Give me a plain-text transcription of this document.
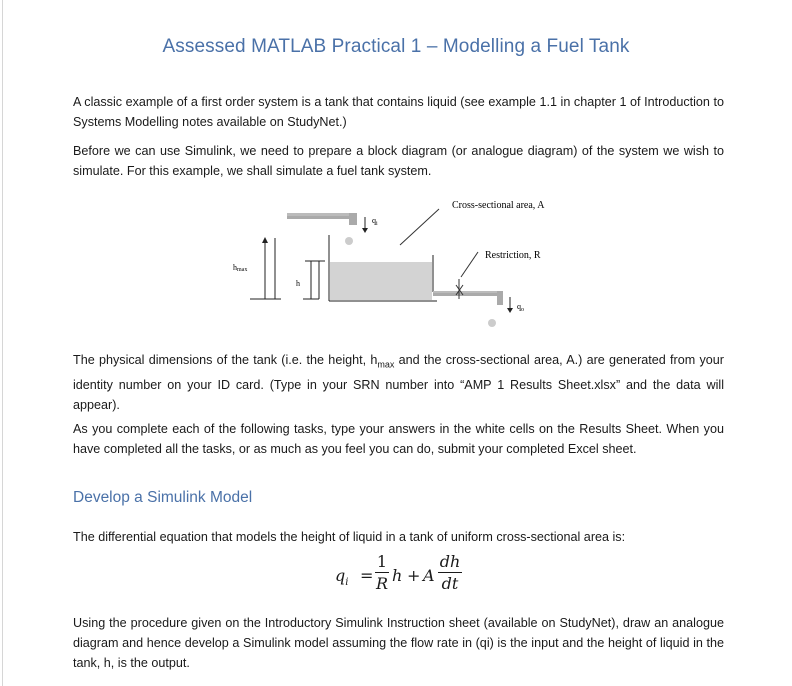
Assessed MATLAB Practical 1 – Modelling a Fuel Tank

A classic example of a first order system is a tank that contains liquid (see example 1.1 in chapter 1 of Introduction to Systems Modelling notes available on StudyNet.)

Before we can use Simulink, we need to prepare a block diagram (or analogue diagram) of the system we wish to simulate. For this example, we shall simulate a fuel tank system.

$q_i$
Cross-sectional area, A
Restriction, R
$q_o$
hmax
h

The physical dimensions of the tank (i.e. the height, $h_{max}$ and the cross-sectional area, A.) are generated from your identity number on your ID card. (Type in your SRN number into “AMP 1 Results Sheet.xlsx” and the data will appear).

As you complete each of the following tasks, type your answers in the white cells on the Results Sheet. When you have completed all the tasks, or as much as you feel you can do, submit your completed Excel sheet.

Develop a Simulink Model

The differential equation that models the height of liquid in a tank of uniform cross-sectional area is:

$q_i$ =
1
R h + A
dh
dt

Using the procedure given on the Introductory Simulink Instruction sheet (available on StudyNet), draw an analogue diagram and hence develop a Simulink model assuming the flow rate in (qi) is the input and the height of liquid in the tank, h, is the output.
